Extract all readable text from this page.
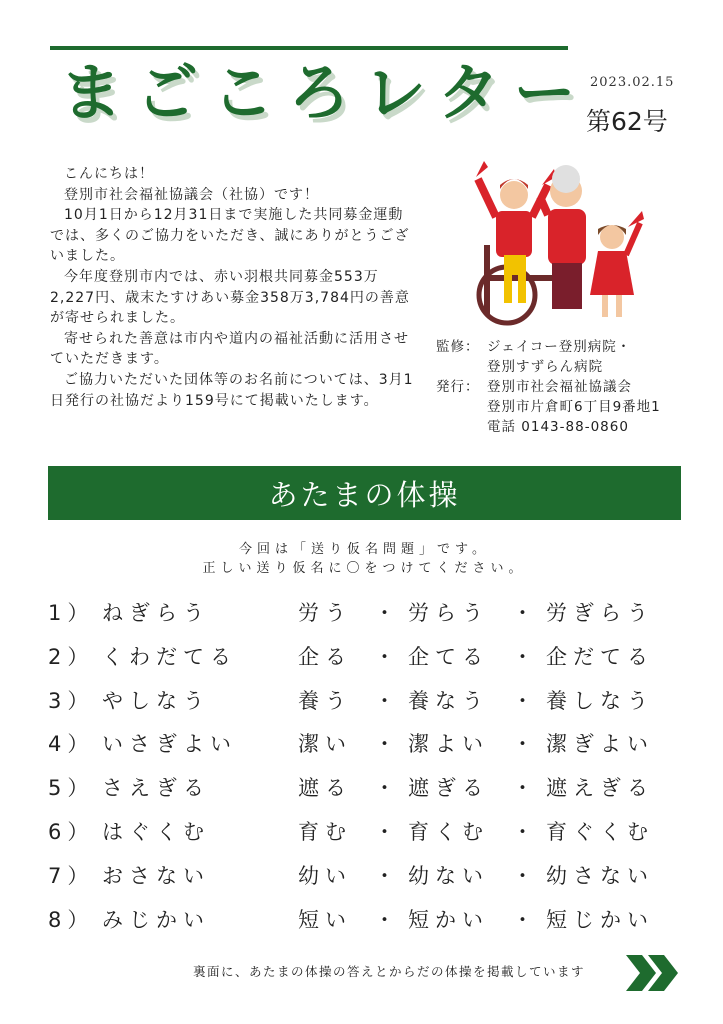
まごころレター 2023.02.15
第62号

こんにちは！

登別市社会福祉協議会（社協）です！

10月1日から12月31日まで実施した共同募金運動では、多くのご協力をいただき、誠にありがとうございました。

今年度登別市内では、赤い羽根共同募金553万2,227円、歳末たすけあい募金358万3,784円の善意が寄せられました。

寄せられた善意は市内や道内の福祉活動に活用させていただきます。

ご協力いただいた団体等のお名前については、3月1日発行の社協だより159号にて掲載いたします。

監修： ジェイコー登別病院・
登別すずらん病院
発行： 登別市社会福祉協議会
登別市片倉町6丁目9番地1
電話 0143-88-0860
あたまの体操
今回は「送り仮名問題」です。
正しい送り仮名に〇をつけてください。
1） ねぎらう	労う ・ 労らう ・ 労ぎらう
2） くわだてる	企る ・ 企てる ・ 企だてる
3） やしなう	養う ・ 養なう ・ 養しなう
4） いさぎよい	潔い ・ 潔よい ・ 潔ぎよい
5） さえぎる	遮る ・ 遮ぎる ・ 遮えぎる
6） はぐくむ	育む ・ 育くむ ・ 育ぐくむ
7） おさない	幼い ・ 幼ない ・ 幼さない
8） みじかい	短い ・ 短かい ・ 短じかい
裏面に、あたまの体操の答えとからだの体操を掲載しています
